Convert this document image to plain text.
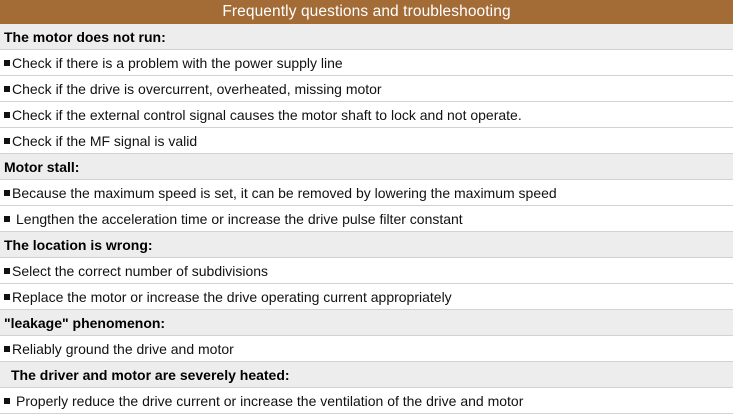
Frequently questions and troubleshooting
The motor does not run:
Check if there is a problem with the power supply line
Check if the drive is overcurrent, overheated, missing motor
Check if the external control signal causes the motor shaft to lock and not operate.
Check if the MF signal is valid
Motor stall:
Because the maximum speed is set, it can be removed by lowering the maximum speed
Lengthen the acceleration time or increase the drive pulse filter constant
The location is wrong:
Select the correct number of subdivisions
Replace the motor or increase the drive operating current appropriately
"leakage" phenomenon:
Reliably ground the drive and motor
The driver and motor are severely heated:
Properly reduce the drive current or increase the ventilation of the drive and motor
